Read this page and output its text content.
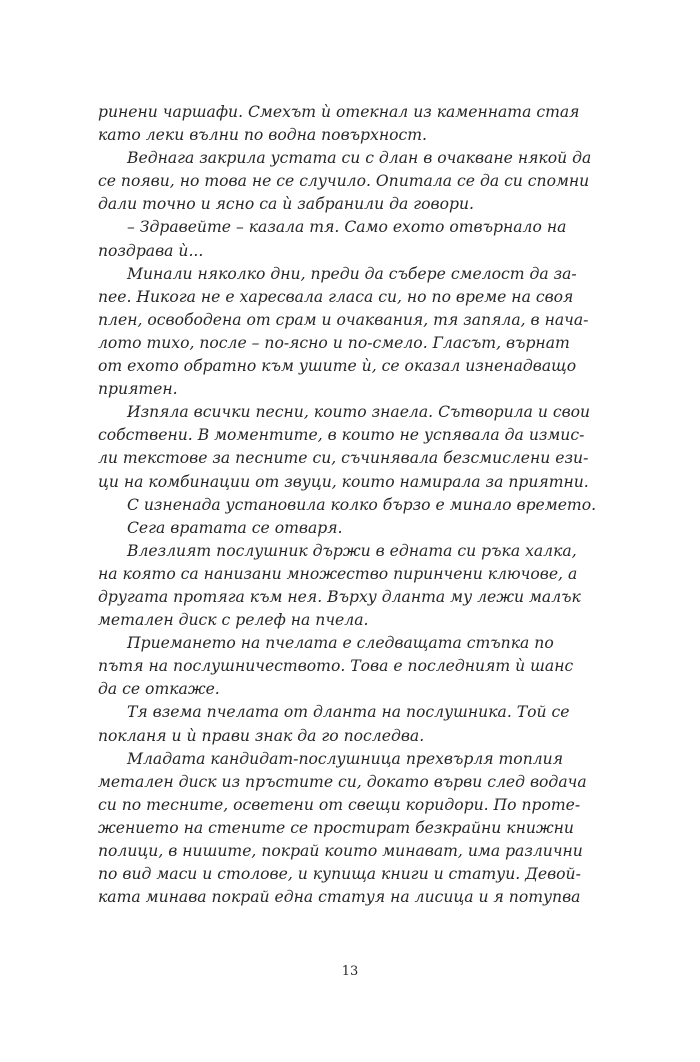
ринени чаршафи. Смехът ѝ отекнал из каменната стая
като леки вълни по водна повърхност.
Веднага закрила устата си с длан в очакване някой да
се появи, но това не се случило. Опитала се да си спомни
дали точно и ясно са ѝ забранили да говори.
– Здравейте – казала тя. Само ехото отвърнало на
поздрава ѝ...
Минали няколко дни, преди да събере смелост да за-
пее. Никога не е харесвала гласа си, но по време на своя
плен, освободена от срам и очаквания, тя запяла, в нача-
лото тихо, после – по-ясно и по-смело. Гласът, върнат
от ехото обратно към ушите ѝ, се оказал изненадващо
приятен.
Изпяла всички песни, които знаела. Сътворила и свои
собствени. В моментите, в които не успявала да измис-
ли текстове за песните си, съчинявала безсмислени ези-
ци на комбинации от звуци, които намирала за приятни.
С изненада установила колко бързо е минало времето.
Сега вратата се отваря.
Влезлият послушник държи в едната си ръка халка,
на която са нанизани множество пиринчени ключове, а
другата протяга към нея. Върху дланта му лежи малък
метален диск с релеф на пчела.
Приемането на пчелата е следващата стъпка по
пътя на послушничеството. Това е последният ѝ шанс
да се откаже.
Тя взема пчелата от дланта на послушника. Той се
покланя и ѝ прави знак да го последва.
Младата кандидат-послушница прехвърля топлия
метален диск из пръстите си, докато върви след водача
си по тесните, осветени от свещи коридори. По проте-
жението на стените се простират безкрайни книжни
полици, в нишите, покрай които минават, има различни
по вид маси и столове, и купища книги и статуи. Девой-
ката минава покрай една статуя на лисица и я потупва
13
